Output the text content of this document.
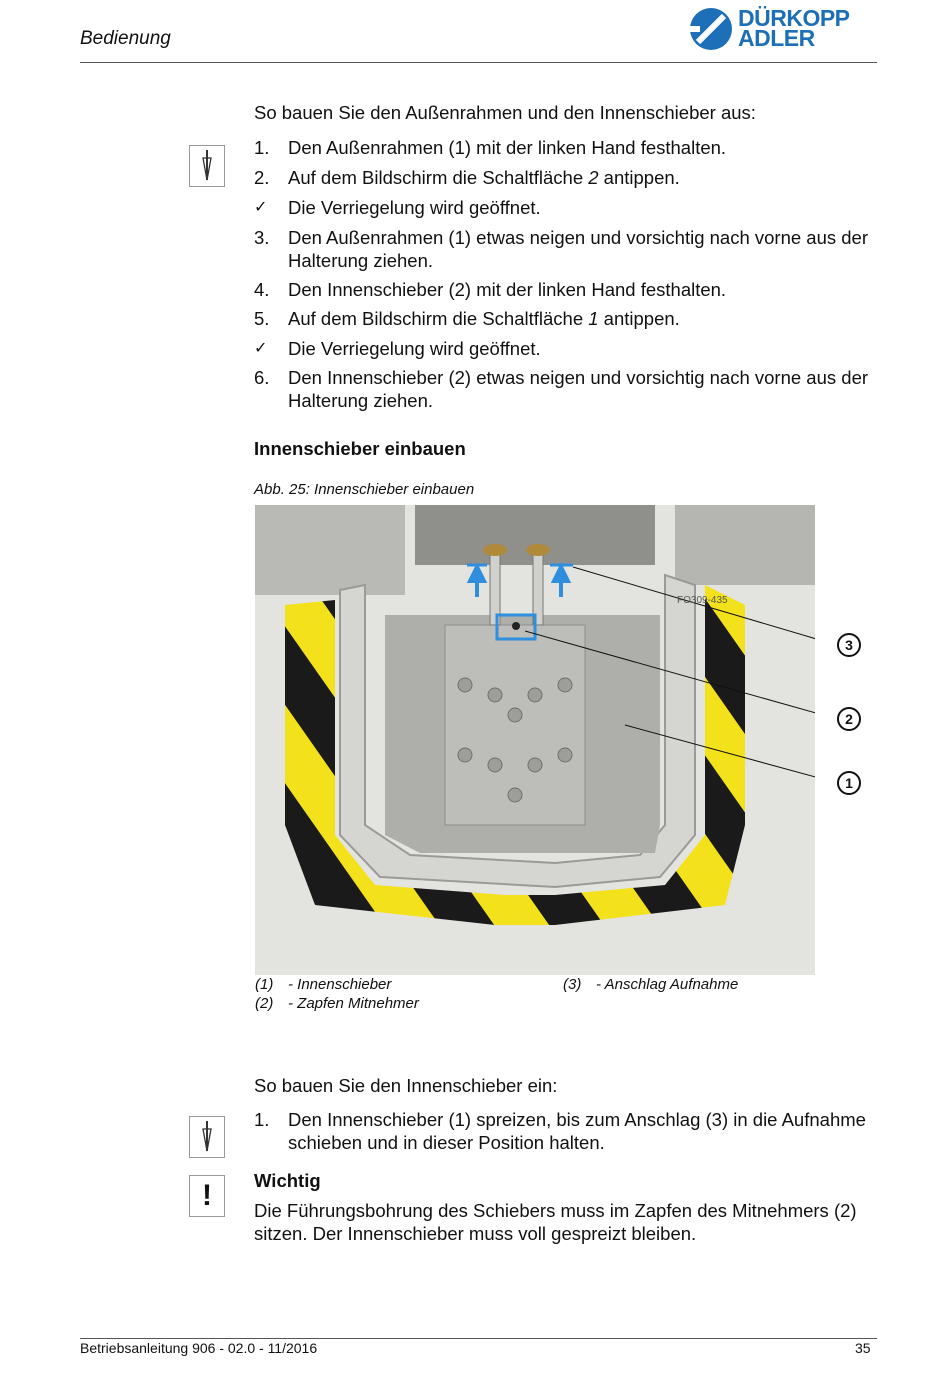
Bedienung
DÜRKOPP
ADLER
So bauen Sie den Außenrahmen und den Innenschieber aus:
1.	Den Außenrahmen (1) mit der linken Hand festhalten.
2.	Auf dem Bildschirm die Schaltfläche 2 antippen.
✓	Die Verriegelung wird geöffnet.
3.	Den Außenrahmen (1) etwas neigen und vorsichtig nach vorne aus der Halterung ziehen.
4.	Den Innenschieber (2) mit der linken Hand festhalten.
5.	Auf dem Bildschirm die Schaltfläche 1 antippen.
✓	Die Verriegelung wird geöffnet.
6.	Den Innenschieber (2) etwas neigen und vorsichtig nach vorne aus der Halterung ziehen.
Innenschieber einbauen
Abb. 25: Innenschieber einbauen
FO309-435
3
2
1
(1) - Innenschieber	(3) - Anschlag Aufnahme
(2) - Zapfen Mitnehmer
So bauen Sie den Innenschieber ein:
1.	Den Innenschieber (1) spreizen, bis zum Anschlag (3) in die Aufnahme schieben und in dieser Position halten.
!	Wichtig
Die Führungsbohrung des Schiebers muss im Zapfen des Mitnehmers (2) sitzen. Der Innenschieber muss voll gespreizt bleiben.
Betriebsanleitung 906 - 02.0 - 11/2016	35
